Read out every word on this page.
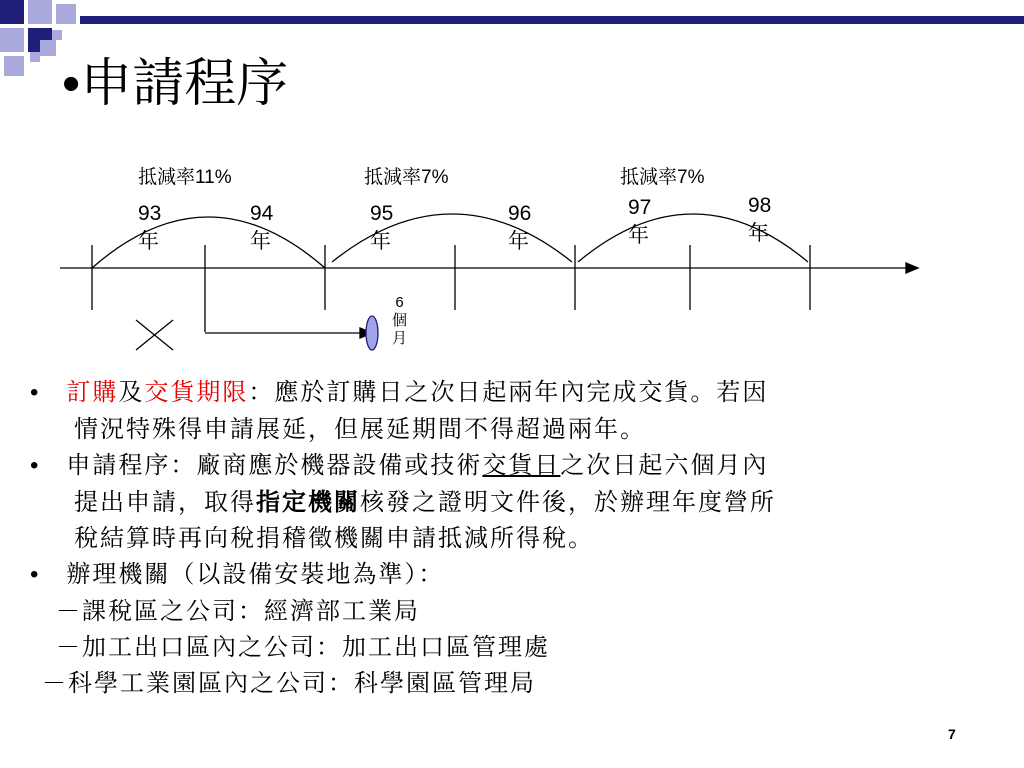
•申請程序
抵減率11%	抵減率7%	抵減率7%
93
年
94
年
95
年
96
年
97
年
98
年
6
個
月
• 訂購及交貨期限：應於訂購日之次日起兩年內完成交貨。若因
情況特殊得申請展延，但展延期間不得超過兩年。
• 申請程序：廠商應於機器設備或技術交貨日之次日起六個月內
提出申請，取得指定機關核發之證明文件後，於辦理年度營所
稅結算時再向稅捐稽徵機關申請抵減所得稅。
• 辦理機關（以設備安裝地為準）：
－課稅區之公司：經濟部工業局
－加工出口區內之公司：加工出口區管理處
－科學工業園區內之公司：科學園區管理局
7
